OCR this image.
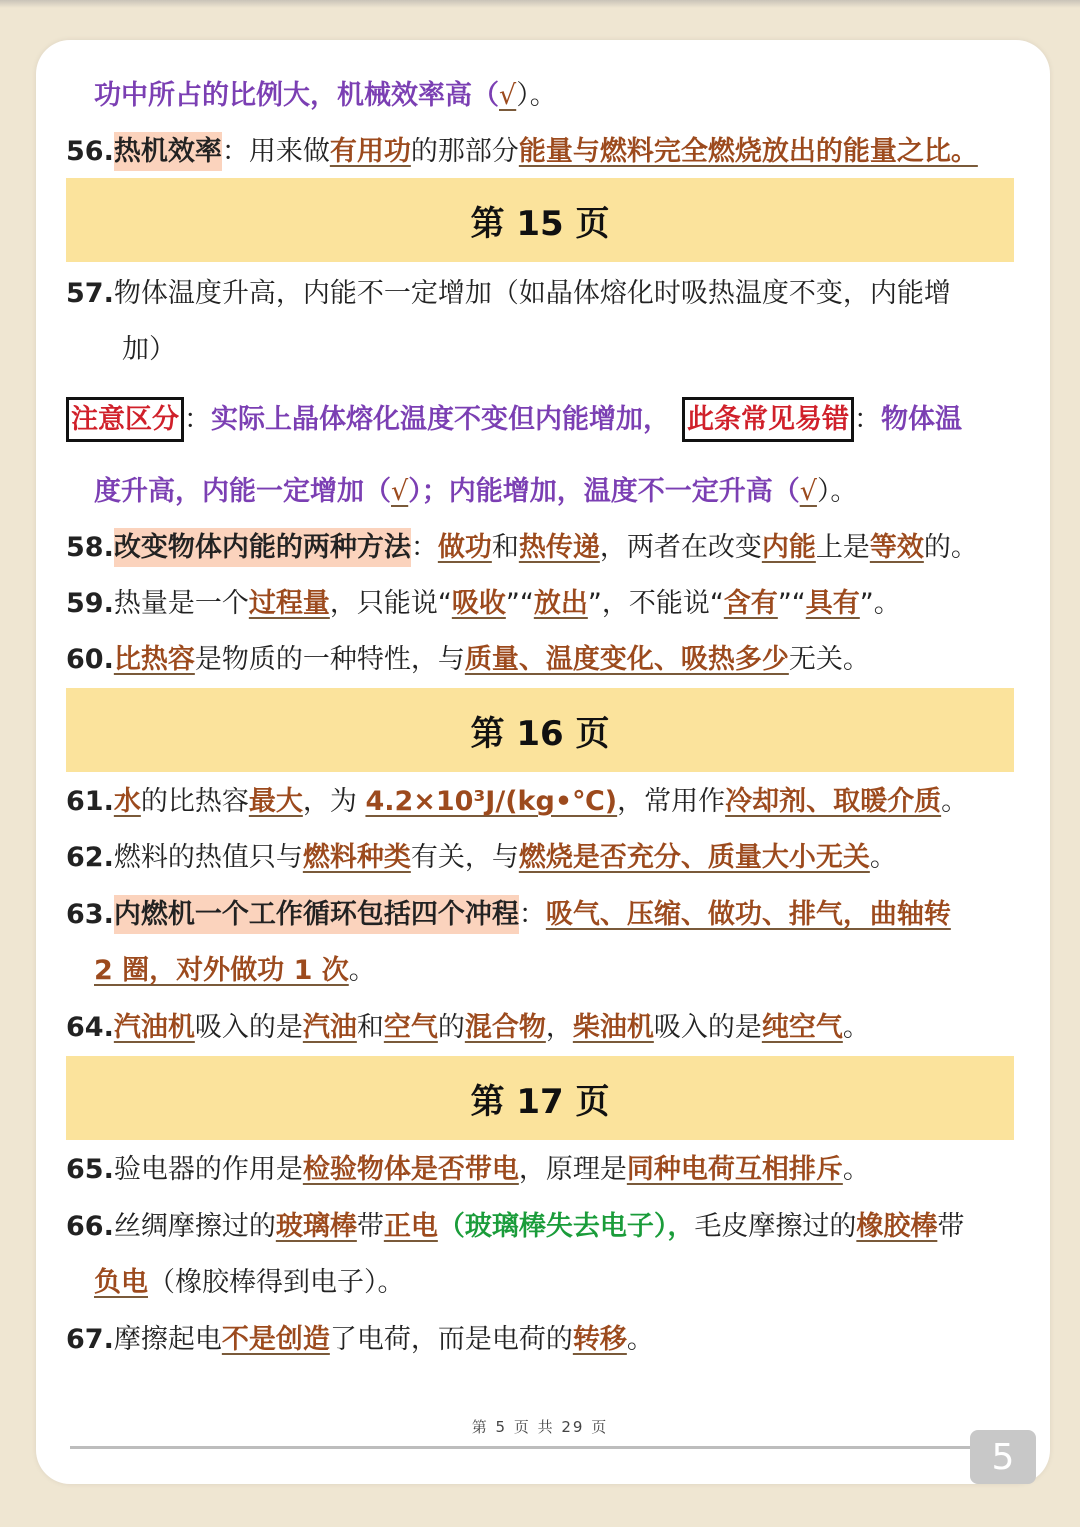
功中所占的比例大，机械效率高（√）。
56.热机效率：用来做有用功的那部分能量与燃料完全燃烧放出的能量之比。
第 15 页
57.物体温度升高，内能不一定增加（如晶体熔化时吸热温度不变，内能增
加）
注意区分 ：实际上晶体熔化温度不变但内能增加， 此条常见易错 ：物体温
度升高，内能一定增加（√）；内能增加，温度不一定升高（√）。
58.改变物体内能的两种方法：做功和热传递，两者在改变内能上是等效的。
59.热量是一个过程量，只能说“吸收”“放出”，不能说“含有”“具有”。
60.比热容是物质的一种特性，与质量、温度变化、吸热多少无关。
第 16 页
61.水的比热容最大，为 4.2×10³J/(kg•℃)，常用作冷却剂、取暖介质。
62.燃料的热值只与燃料种类有关，与燃烧是否充分、质量大小无关。
63.内燃机一个工作循环包括四个冲程：吸气、压缩、做功、排气，曲轴转
2 圈，对外做功 1 次。
64.汽油机吸入的是汽油和空气的混合物，柴油机吸入的是纯空气。
第 17 页
65.验电器的作用是检验物体是否带电，原理是同种电荷互相排斥。
66.丝绸摩擦过的玻璃棒带正电（玻璃棒失去电子），毛皮摩擦过的橡胶棒带
负电（橡胶棒得到电子）。
67.摩擦起电不是创造了电荷，而是电荷的转移。
第 5 页 共 29 页
5
